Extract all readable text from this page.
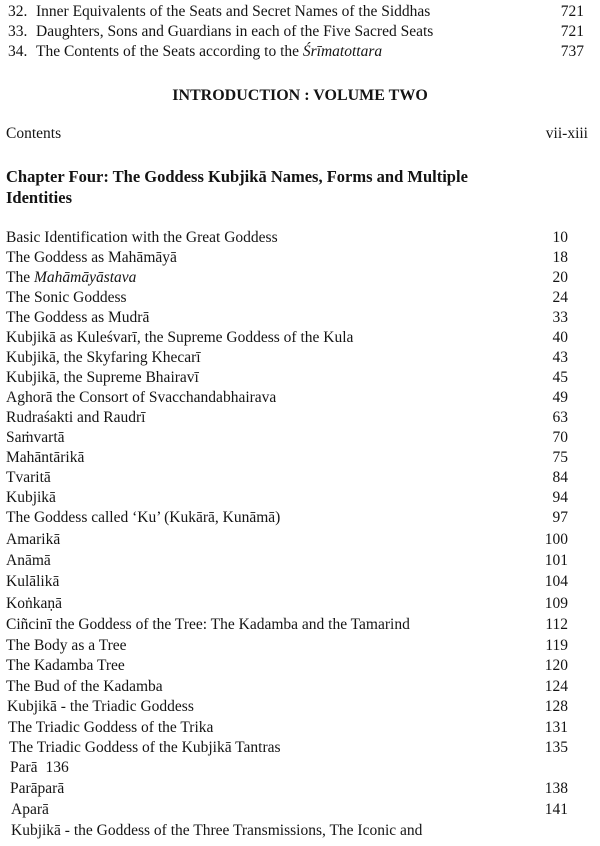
32. Inner Equivalents of the Seats and Secret Names of the Siddhas	721
33. Daughters, Sons and Guardians in each of the Five Sacred Seats	721
34. The Contents of the Seats according to the Śrīmatottara	737
INTRODUCTION : VOLUME TWO
Contents	vii-xiii
Chapter Four: The Goddess Kubjikā Names, Forms and Multiple Identities
Basic Identification with the Great Goddess	10
The Goddess as Mahāmāyā	18
The Mahāmāyāstava	20
The Sonic Goddess	24
The Goddess as Mudrā	33
Kubjikā as Kuleśvarī, the Supreme Goddess of the Kula	40
Kubjikā, the Skyfaring Khecarī	43
Kubjikā, the Supreme Bhairavī	45
Aghorā the Consort of Svacchandabhairava	49
Rudraśakti and Raudrī	63
Saṁvartā	70
Mahāntārikā	75
Tvaritā	84
Kubjikā	94
The Goddess called ‘Ku’ (Kukārā, Kunāmā)	97
Amarikā	100
Anāmā	101
Kulālikā	104
Koṅkaṇā	109
Ciñcinī the Goddess of the Tree: The Kadamba and the Tamarind	112
The Body as a Tree	119
The Kadamba Tree	120
The Bud of the Kadamba	124
Kubjikā - the Triadic Goddess	128
The Triadic Goddess of the Trika	131
The Triadic Goddess of the Kubjikā Tantras	135
Parā 136
Parāparā	138
Aparā	141
Kubjikā - the Goddess of the Three Transmissions, The Iconic and
